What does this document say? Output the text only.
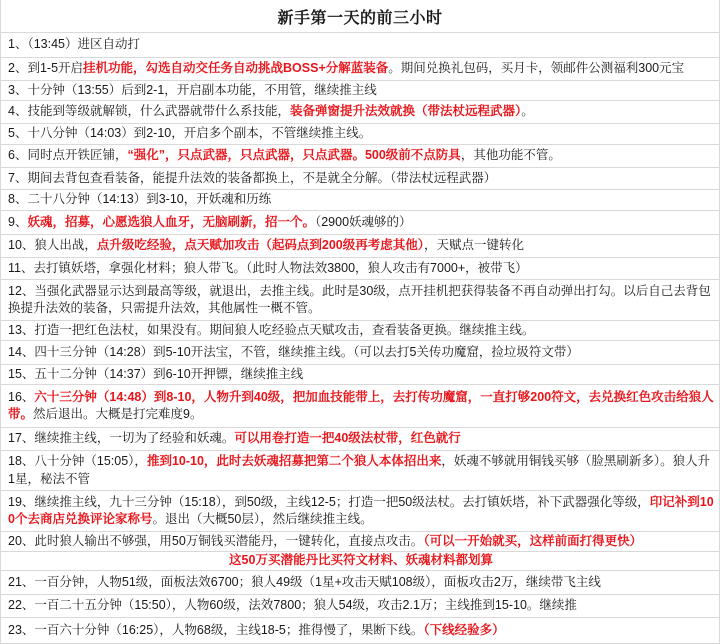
新手第一天的前三小时
1、（13:45）进区自动打
2、到1-5开启挂机功能，勾选自动交任务自动挑战BOSS+分解蓝装备。期间兑换礼包码，买月卡，领邮件公测福利300元宝
3、十分钟（13:55）后到2-1，开启副本功能，不用管，继续推主线
4、技能到等级就解锁，什么武器就带什么系技能，装备弹窗提升法效就换（带法杖远程武器）。
5、十八分钟（14:03）到2-10，开启多个副本，不管继续推主线。
6、同时点开铁匠铺，“强化”，只点武器，只点武器，只点武器。500级前不点防具，其他功能不管。
7、期间去背包查看装备，能提升法效的装备都换上，不是就全分解。（带法杖远程武器）
8、二十八分钟（14:13）到3-10，开妖魂和历练
9、妖魂，招募，心愿选狼人血牙，无脑刷新，招一个。（2900妖魂够的）
10、狼人出战，点升级吃经验，点天赋加攻击（起码点到200级再考虑其他），天赋点一键转化
11、去打镇妖塔，拿强化材料；狼人带飞。（此时人物法效3800，狼人攻击有7000+，被带飞）
12、当强化武器显示达到最高等级，就退出，去推主线。此时是30级，点开挂机把获得装备不再自动弹出打勾。以后自己去背包换提升法效的装备，只需提升法效，其他属性一概不管。
13、打造一把红色法杖，如果没有。期间狼人吃经验点天赋攻击，查看装备更换。继续推主线。
14、四十三分钟（14:28）到5-10开法宝，不管，继续推主线。（可以去打5关传功魔窟，捡垃圾符文带）
15、五十二分钟（14:37）到6-10开押镖，继续推主线
16、六十三分钟（14:48）到8-10，人物升到40级，把加血技能带上，去打传功魔窟，一直打够200符文，去兑换红色攻击给狼人带。然后退出。大概是打完难度9。
17、继续推主线，一切为了经验和妖魂。可以用卷打造一把40级法杖带，红色就行
18、八十分钟（15:05），推到10-10，此时去妖魂招募把第二个狼人本体招出来，妖魂不够就用铜钱买够（脸黑刷新多）。狼人升1星，秘法不管
19、继续推主线，九十三分钟（15:18），到50级，主线12-5；打造一把50级法杖。去打镇妖塔，补下武器强化等级，印记补到100个去商店兑换评论家称号。退出（大概50层），然后继续推主线。
20、此时狼人输出不够强，用50万铜钱买潜能丹，一键转化，直接点攻击。（可以一开始就买，这样前面打得更快）
这50万买潜能丹比买符文材料、妖魂材料都划算
21、一百分钟，人物51级，面板法效6700；狼人49级（1星+攻击天赋108级），面板攻击2万，继续带飞主线
22、一百二十五分钟（15:50），人物60级，法效7800；狼人54级，攻击2.1万；主线推到15-10。继续推
23、一百六十分钟（16:25），人物68级，主线18-5；推得慢了，果断下线。（下线经验多）
